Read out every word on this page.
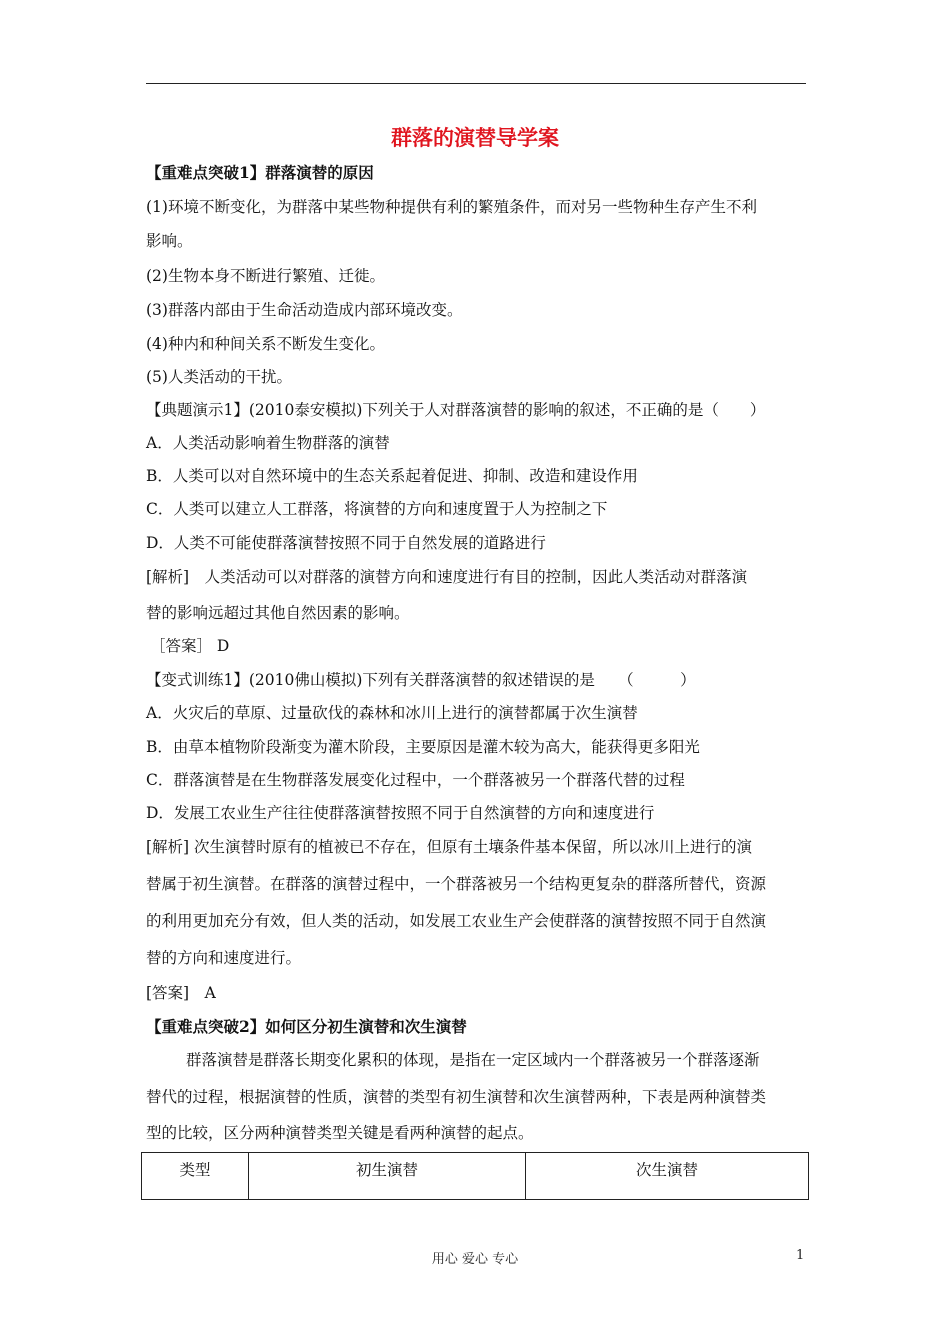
群落的演替导学案
【重难点突破1】群落演替的原因
(1)环境不断变化，为群落中某些物种提供有利的繁殖条件，而对另一些物种生存产生不利
影响。
(2)生物本身不断进行繁殖、迁徙。
(3)群落内部由于生命活动造成内部环境改变。
(4)种内和种间关系不断发生变化。
(5)人类活动的干扰。
【典题演示1】(2010泰安模拟)下列关于人对群落演替的影响的叙述，不正确的是（　　）
A．人类活动影响着生物群落的演替
B．人类可以对自然环境中的生态关系起着促进、抑制、改造和建设作用
C．人类可以建立人工群落，将演替的方向和速度置于人为控制之下
D．人类不可能使群落演替按照不同于自然发展的道路进行
[解析]　人类活动可以对群落的演替方向和速度进行有目的控制，因此人类活动对群落演
替的影响远超过其他自然因素的影响。
［答案］ D
【变式训练1】(2010佛山模拟)下列有关群落演替的叙述错误的是　　（　　　）
A．火灾后的草原、过量砍伐的森林和冰川上进行的演替都属于次生演替
B．由草本植物阶段渐变为灌木阶段，主要原因是灌木较为高大，能获得更多阳光
C．群落演替是在生物群落发展变化过程中，一个群落被另一个群落代替的过程
D．发展工农业生产往往使群落演替按照不同于自然演替的方向和速度进行
[解析] 次生演替时原有的植被已不存在，但原有土壤条件基本保留，所以冰川上进行的演
替属于初生演替。在群落的演替过程中，一个群落被另一个结构更复杂的群落所替代，资源
的利用更加充分有效，但人类的活动，如发展工农业生产会使群落的演替按照不同于自然演
替的方向和速度进行。
[答案]　A
【重难点突破2】如何区分初生演替和次生演替
群落演替是群落长期变化累积的体现，是指在一定区域内一个群落被另一个群落逐渐
替代的过程，根据演替的性质，演替的类型有初生演替和次生演替两种，下表是两种演替类
型的比较，区分两种演替类型关键是看两种演替的起点。
类型	初生演替	次生演替
用心 爱心 专心	1
